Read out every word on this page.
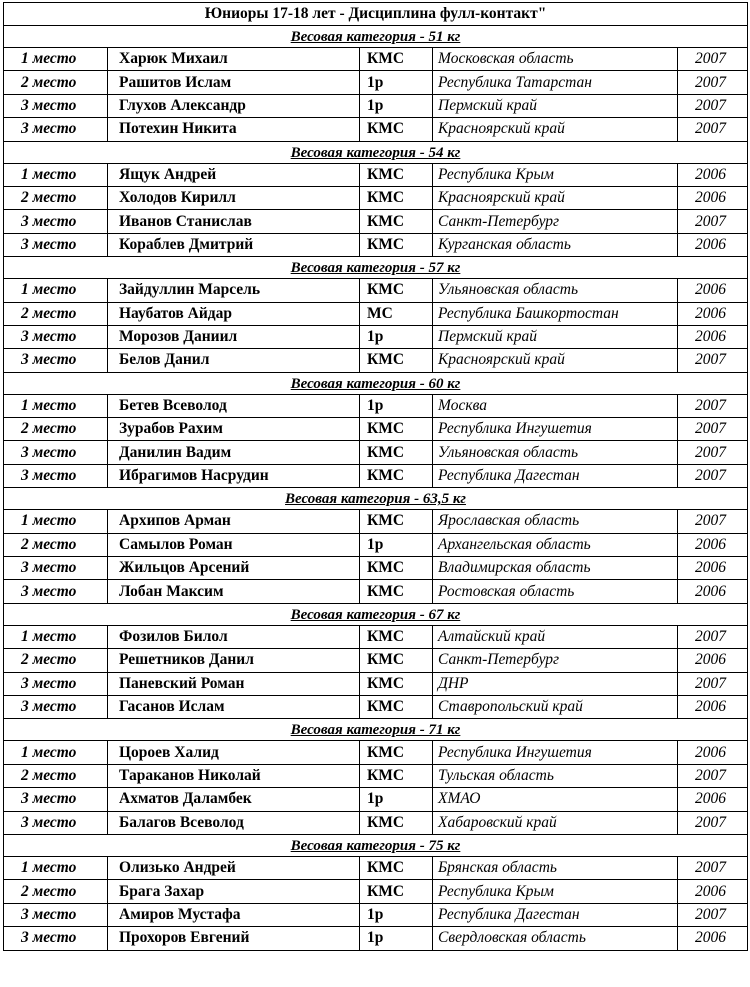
Юниоры 17-18 лет - Дисциплина фулл-контакт"				
Весовая категория - 51 кг				
1 место	Харюк Михаил	КМС	Московская область	2007
2 место	Рашитов Ислам	1р	Республика Татарстан	2007
3 место	Глухов Александр	1р	Пермский край	2007
3 место	Потехин Никита	КМС	Красноярский край	2007
Весовая категория - 54 кг				
1 место	Ящук Андрей	КМС	Республика Крым	2006
2 место	Холодов Кирилл	КМС	Красноярский край	2006
3 место	Иванов Станислав	КМС	Санкт-Петербург	2007
3 место	Кораблев Дмитрий	КМС	Курганская область	2006
Весовая категория - 57 кг				
1 место	Зайдуллин Марсель	КМС	Ульяновская область	2006
2 место	Наубатов Айдар	МС	Республика Башкортостан	2006
3 место	Морозов Даниил	1р	Пермский край	2006
3 место	Белов Данил	КМС	Красноярский край	2007
Весовая категория - 60 кг				
1 место	Бетев Всеволод	1р	Москва	2007
2 место	Зурабов Рахим	КМС	Республика Ингушетия	2007
3 место	Данилин Вадим	КМС	Ульяновская область	2007
3 место	Ибрагимов Насрудин	КМС	Республика Дагестан	2007
Весовая категория - 63,5 кг				
1 место	Архипов Арман	КМС	Ярославская область	2007
2 место	Самылов Роман	1р	Архангельская область	2006
3 место	Жильцов Арсений	КМС	Владимирская область	2006
3 место	Лобан Максим	КМС	Ростовская область	2006
Весовая категория - 67 кг				
1 место	Фозилов Билол	КМС	Алтайский край	2007
2 место	Решетников Данил	КМС	Санкт-Петербург	2006
3 место	Паневский Роман	КМС	ДНР	2007
3 место	Гасанов Ислам	КМС	Ставропольский край	2006
Весовая категория - 71 кг				
1 место	Цороев Халид	КМС	Республика Ингушетия	2006
2 место	Тараканов Николай	КМС	Тульская область	2007
3 место	Ахматов Даламбек	1р	ХМАО	2006
3 место	Балагов Всеволод	КМС	Хабаровский край	2007
Весовая категория - 75 кг				
1 место	Олизько Андрей	КМС	Брянская область	2007
2 место	Брага Захар	КМС	Республика Крым	2006
3 место	Амиров Мустафа	1р	Республика Дагестан	2007
3 место	Прохоров Евгений	1р	Свердловская область	2006
